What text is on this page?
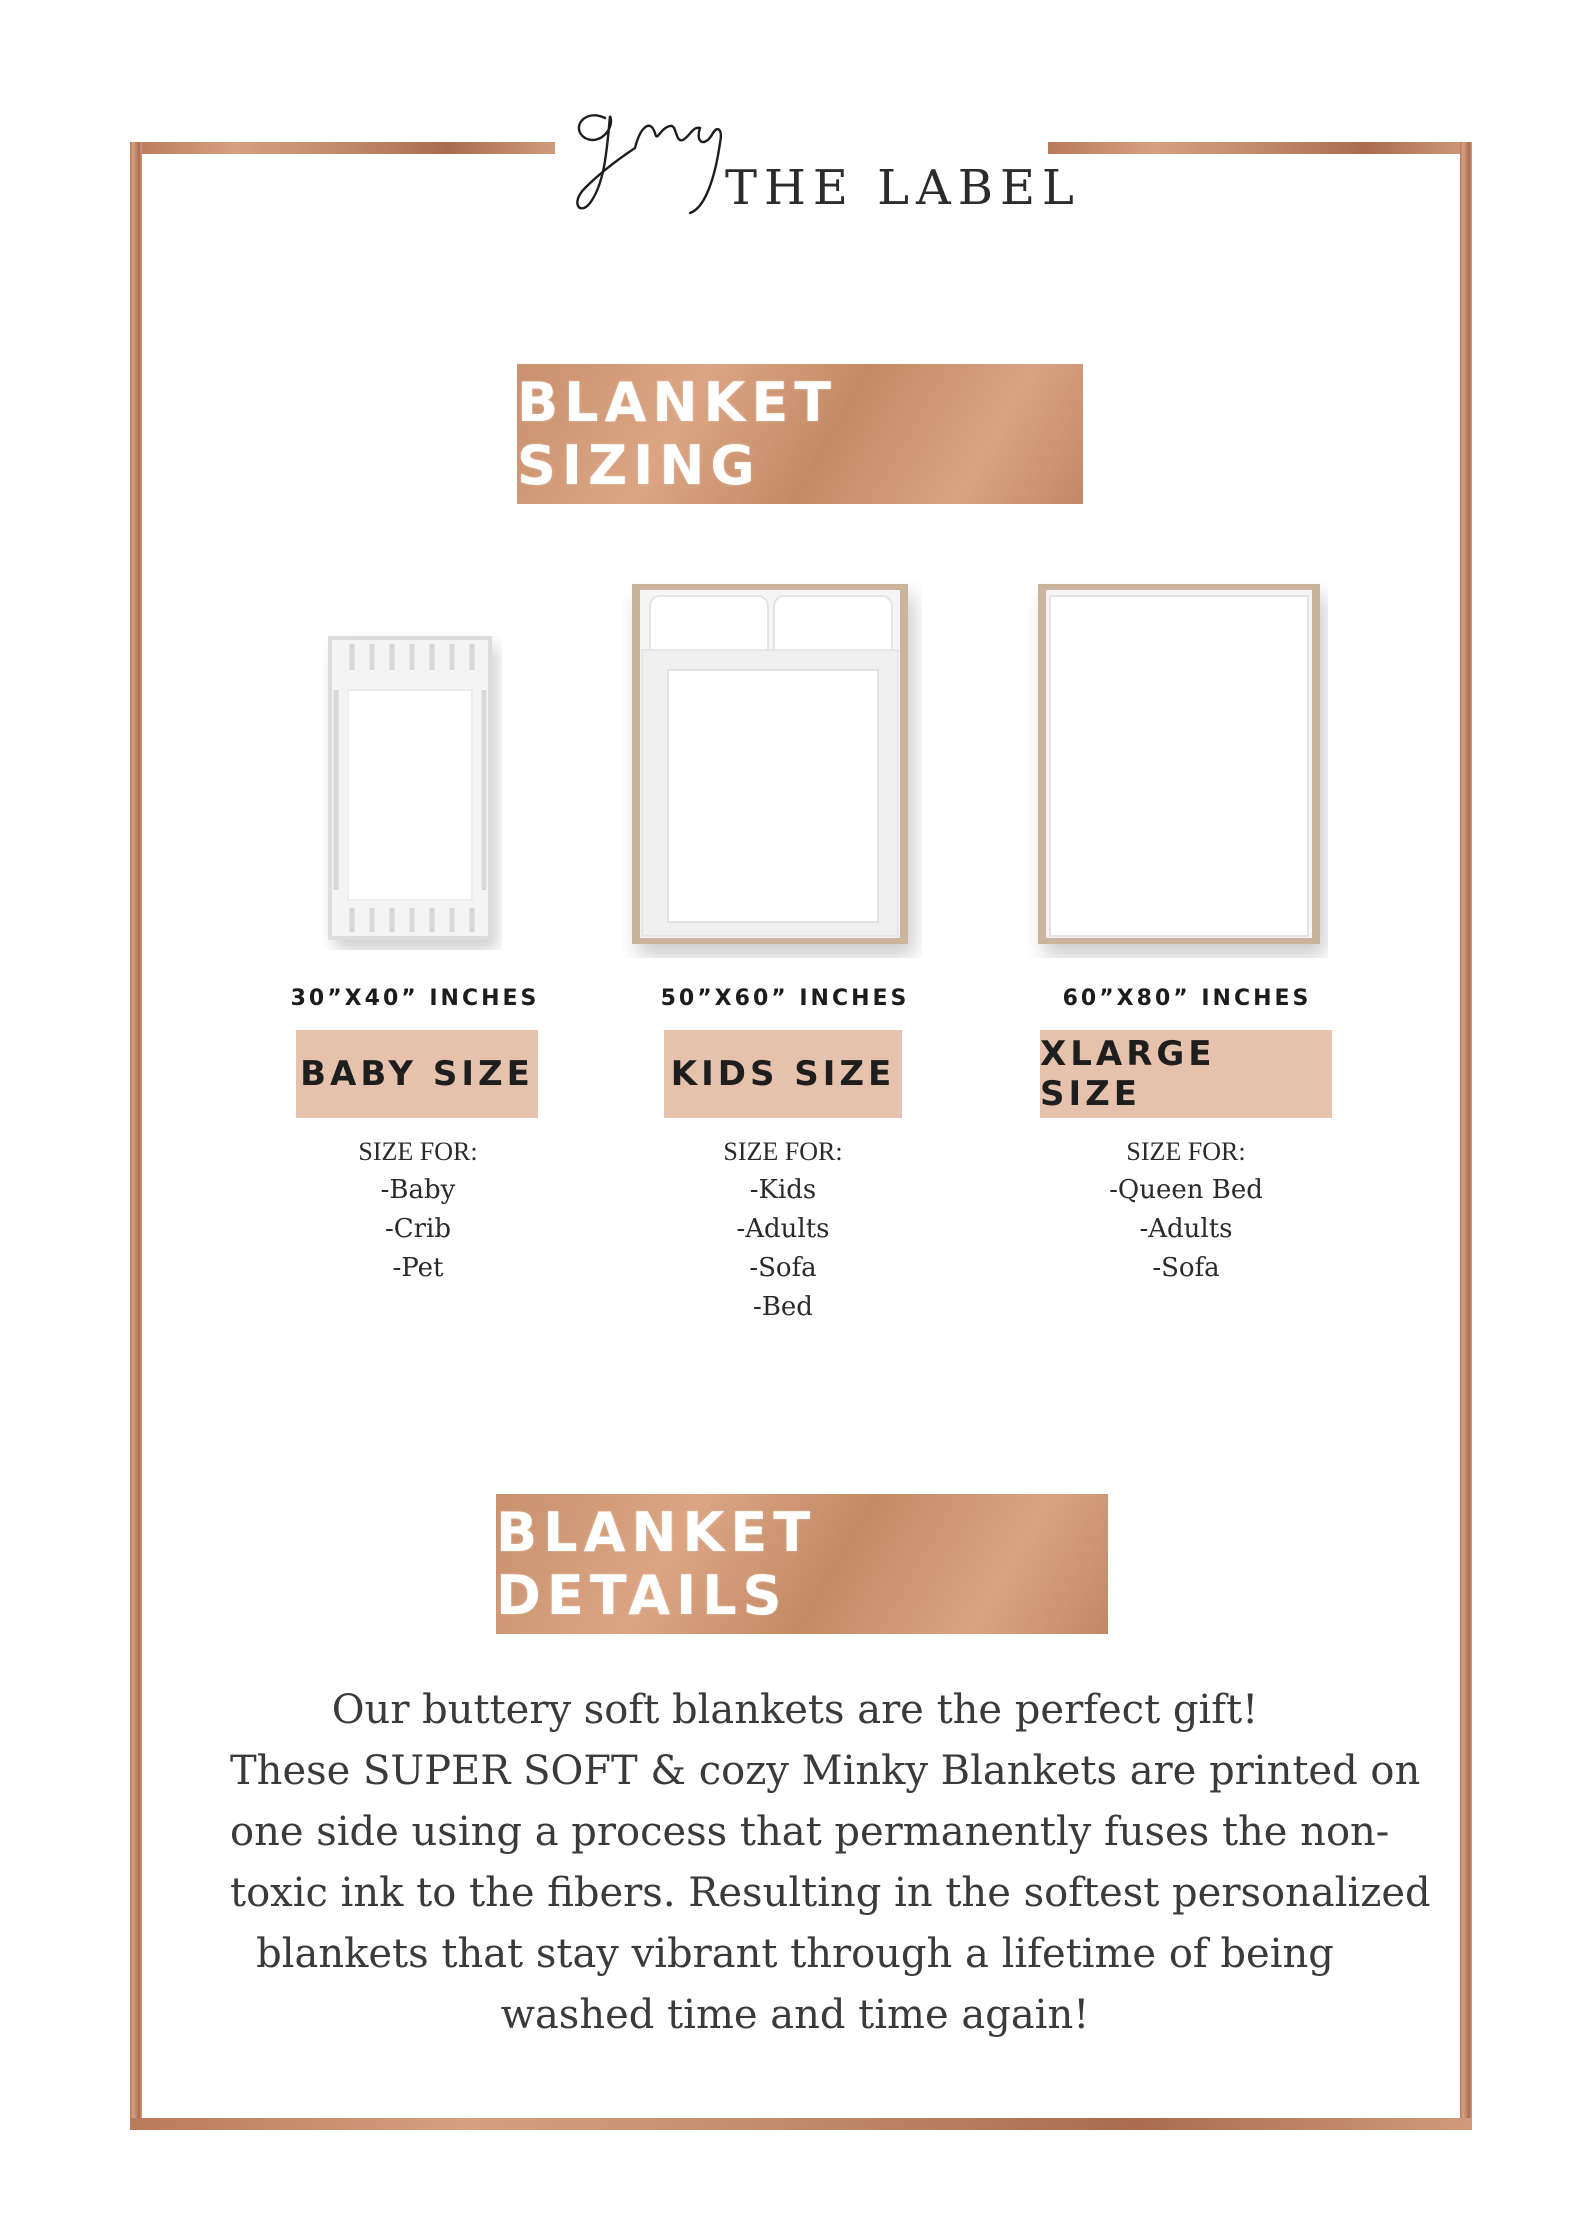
THE LABEL
BLANKET SIZING
30”X40” INCHES	50”X60” INCHES	60”X80” INCHES
BABY SIZE	KIDS SIZE	XLARGE SIZE
SIZE FOR:
-Baby
-Crib
-Pet
SIZE FOR:
-Kids
-Adults
-Sofa
-Bed
SIZE FOR:
-Queen Bed
-Adults
-Sofa
BLANKET DETAILS
Our buttery soft blankets are the perfect gift!
These SUPER SOFT & cozy Minky Blankets are printed on
one side using a process that permanently fuses the non-
toxic ink to the fibers. Resulting in the softest personalized
blankets that stay vibrant through a lifetime of being
washed time and time again!
